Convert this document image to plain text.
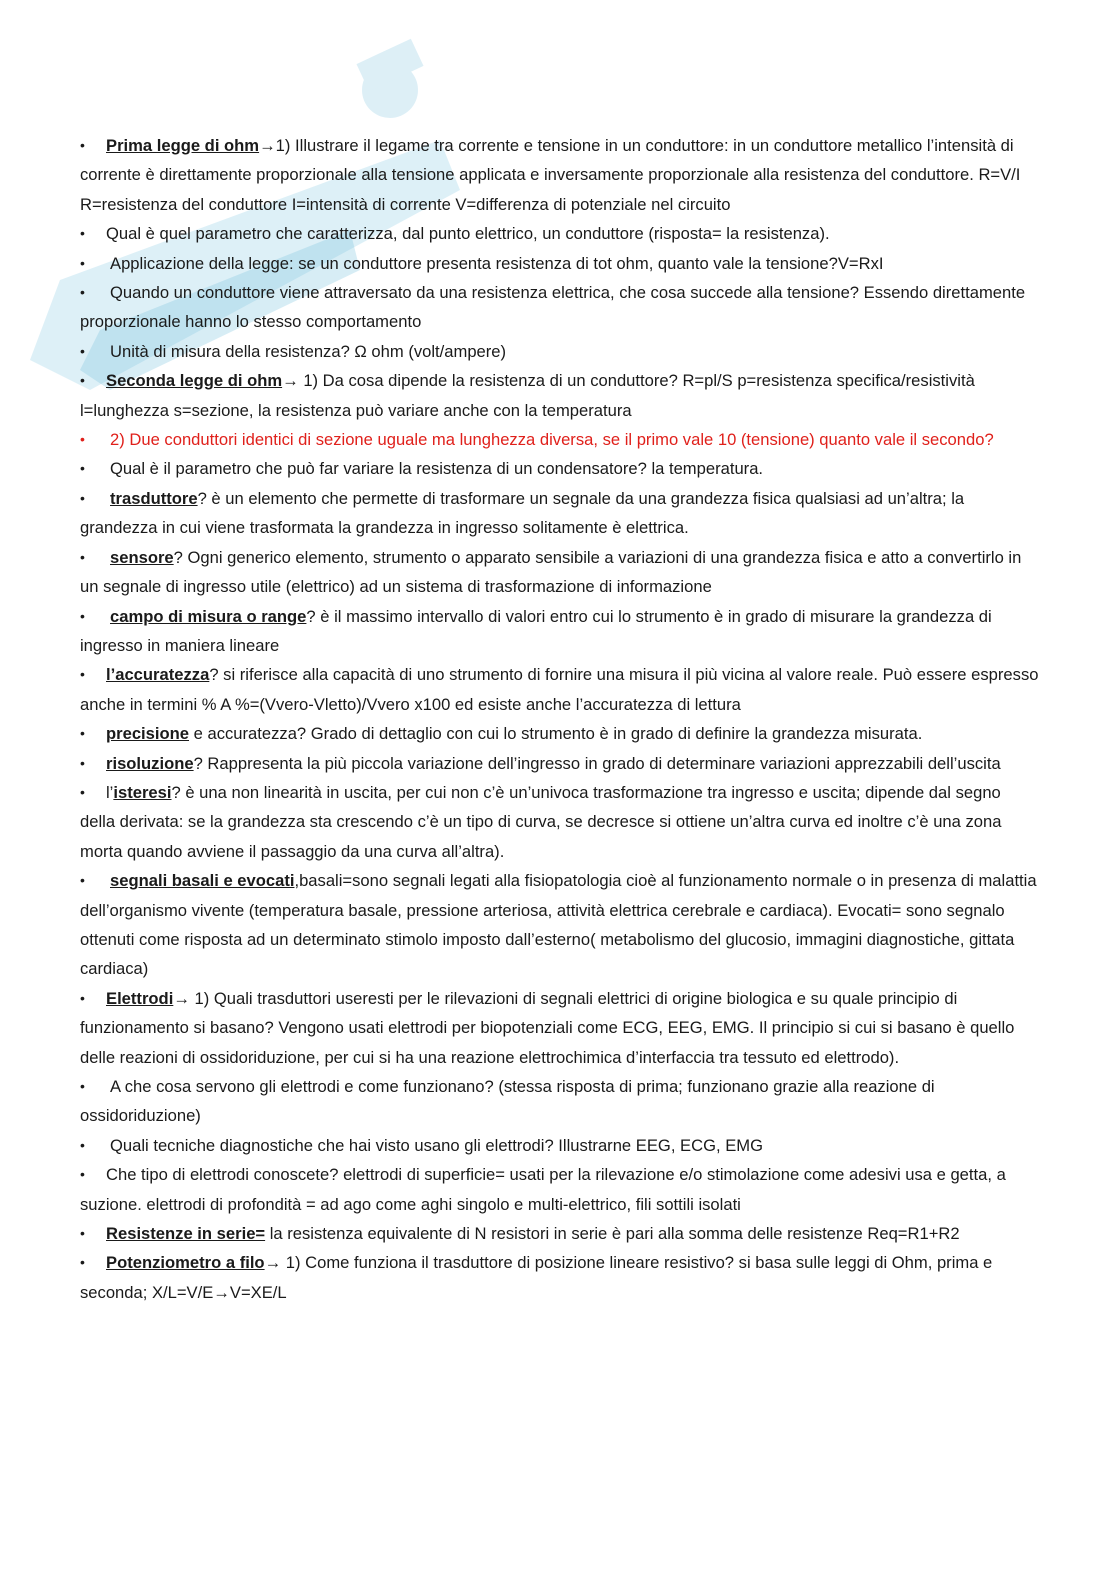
•	Prima legge di ohm→1) Illustrare il legame tra corrente e tensione in un conduttore: in un conduttore metallico l’intensità di corrente è direttamente proporzionale alla tensione applicata e inversamente proporzionale alla resistenza del conduttore. R=V/I R=resistenza del conduttore I=intensità di corrente V=differenza di potenziale nel circuito

•	Qual è quel parametro che caratterizza, dal punto elettrico, un conduttore (risposta= la resistenza).

•	Applicazione della legge: se un conduttore presenta resistenza di tot ohm, quanto vale la tensione?V=RxI

•	Quando un conduttore viene attraversato da una resistenza elettrica, che cosa succede alla tensione? Essendo direttamente proporzionale hanno lo stesso comportamento

•	Unità di misura della resistenza? Ω ohm (volt/ampere)

•	Seconda legge di ohm→ 1) Da cosa dipende la resistenza di un conduttore? R=pl/S p=resistenza specifica/resistività l=lunghezza s=sezione, la resistenza può variare anche con la temperatura

•	2) Due conduttori identici di sezione uguale ma lunghezza diversa, se il primo vale 10 (tensione) quanto vale il secondo?

•	Qual è il parametro che può far variare la resistenza di un condensatore? la temperatura.

•	trasduttore? è un elemento che permette di trasformare un segnale da una grandezza fisica qualsiasi ad un’altra; la grandezza in cui viene trasformata la grandezza in ingresso solitamente è elettrica.

•	sensore? Ogni generico elemento, strumento o apparato sensibile a variazioni di una grandezza fisica e atto a convertirlo in un segnale di ingresso utile (elettrico) ad un sistema di trasformazione di informazione

•	campo di misura o range? è il massimo intervallo di valori entro cui lo strumento è in grado di misurare la grandezza di ingresso in maniera lineare

•	l’accuratezza? si riferisce alla capacità di uno strumento di fornire una misura il più vicina al valore reale. Può essere espresso anche in termini % A %=(Vvero-Vletto)/Vvero x100 ed esiste anche l’accuratezza di lettura

•	precisione e accuratezza? Grado di dettaglio con cui lo strumento è in grado di definire la grandezza misurata.

•	risoluzione? Rappresenta la più piccola variazione dell’ingresso in grado di determinare variazioni apprezzabili dell’uscita

•	l’isteresi? è una non linearità in uscita, per cui non c’è un’univoca trasformazione tra ingresso e uscita; dipende dal segno della derivata: se la grandezza sta crescendo c’è un tipo di curva, se decresce si ottiene un’altra curva ed inoltre c’è una zona morta quando avviene il passaggio da una curva all’altra).

•	segnali basali e evocati,basali=sono segnali legati alla fisiopatologia cioè al funzionamento normale o in presenza di malattia dell’organismo vivente (temperatura basale, pressione arteriosa, attività elettrica cerebrale e cardiaca). Evocati= sono segnalo ottenuti come risposta ad un determinato stimolo imposto dall’esterno( metabolismo del glucosio, immagini diagnostiche, gittata cardiaca)

•	Elettrodi→ 1) Quali trasduttori useresti per le rilevazioni di segnali elettrici di origine biologica e su quale principio di funzionamento si basano? Vengono usati elettrodi per biopotenziali come ECG, EEG, EMG. Il principio si cui si basano è quello delle reazioni di ossidoriduzione, per cui si ha una reazione elettrochimica d’interfaccia tra tessuto ed elettrodo).

•	A che cosa servono gli elettrodi e come funzionano? (stessa risposta di prima; funzionano grazie alla reazione di ossidoriduzione)

•	Quali tecniche diagnostiche che hai visto usano gli elettrodi? Illustrarne EEG, ECG, EMG

•	Che tipo di elettrodi conoscete? elettrodi di superficie= usati per la rilevazione e/o stimolazione come adesivi usa e getta, a suzione. elettrodi di profondità = ad ago come aghi singolo e multi-elettrico, fili sottili isolati

•	Resistenze in serie= la resistenza equivalente di N resistori in serie è pari alla somma delle resistenze Req=R1+R2

•	Potenziometro a filo→ 1) Come funziona il trasduttore di posizione lineare resistivo? si basa sulle leggi di Ohm, prima e seconda; X/L=V/E→V=XE/L
